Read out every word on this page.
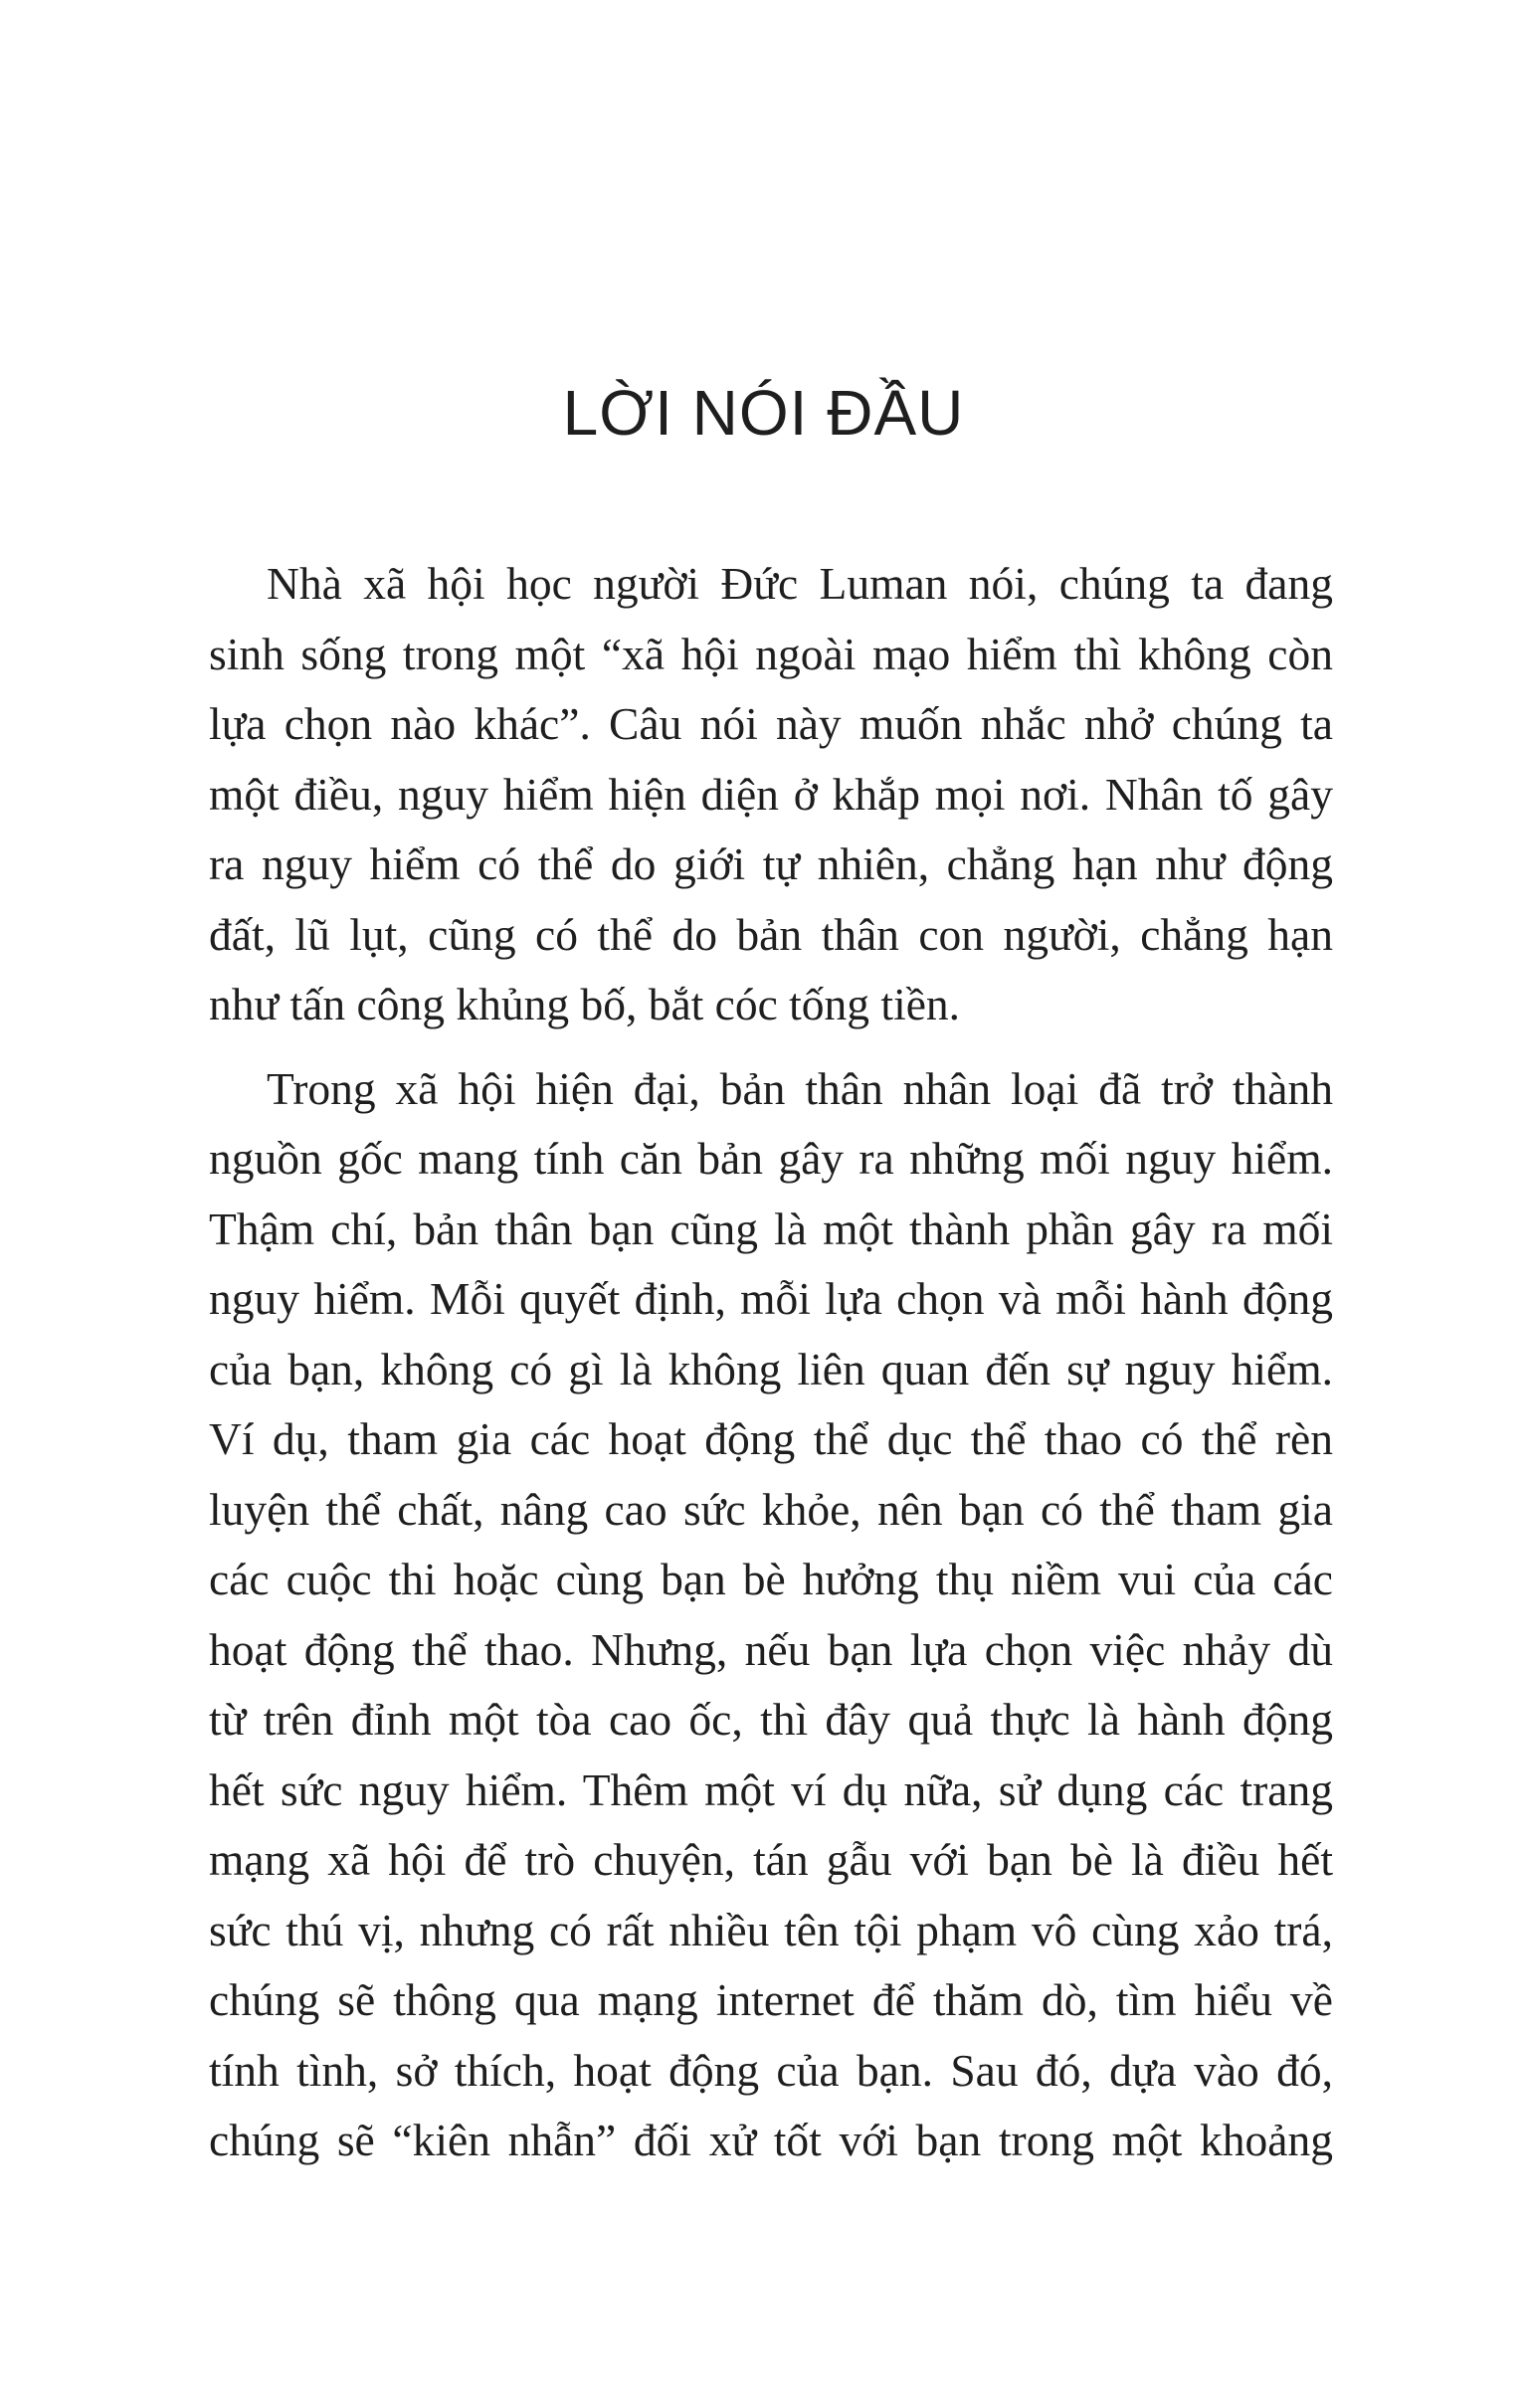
LỜI NÓI ĐẦU
Nhà xã hội học người Đức Luman nói, chúng ta đang
sinh sống trong một “xã hội ngoài mạo hiểm thì không còn
lựa chọn nào khác”. Câu nói này muốn nhắc nhở chúng ta
một điều, nguy hiểm hiện diện ở khắp mọi nơi. Nhân tố gây
ra nguy hiểm có thể do giới tự nhiên, chẳng hạn như động
đất, lũ lụt, cũng có thể do bản thân con người, chẳng hạn
như tấn công khủng bố, bắt cóc tống tiền.
Trong xã hội hiện đại, bản thân nhân loại đã trở thành
nguồn gốc mang tính căn bản gây ra những mối nguy hiểm.
Thậm chí, bản thân bạn cũng là một thành phần gây ra mối
nguy hiểm. Mỗi quyết định, mỗi lựa chọn và mỗi hành động
của bạn, không có gì là không liên quan đến sự nguy hiểm.
Ví dụ, tham gia các hoạt động thể dục thể thao có thể rèn
luyện thể chất, nâng cao sức khỏe, nên bạn có thể tham gia
các cuộc thi hoặc cùng bạn bè hưởng thụ niềm vui của các
hoạt động thể thao. Nhưng, nếu bạn lựa chọn việc nhảy dù
từ trên đỉnh một tòa cao ốc, thì đây quả thực là hành động
hết sức nguy hiểm. Thêm một ví dụ nữa, sử dụng các trang
mạng xã hội để trò chuyện, tán gẫu với bạn bè là điều hết
sức thú vị, nhưng có rất nhiều tên tội phạm vô cùng xảo trá,
chúng sẽ thông qua mạng internet để thăm dò, tìm hiểu về
tính tình, sở thích, hoạt động của bạn. Sau đó, dựa vào đó,
chúng sẽ “kiên nhẫn” đối xử tốt với bạn trong một khoảng
